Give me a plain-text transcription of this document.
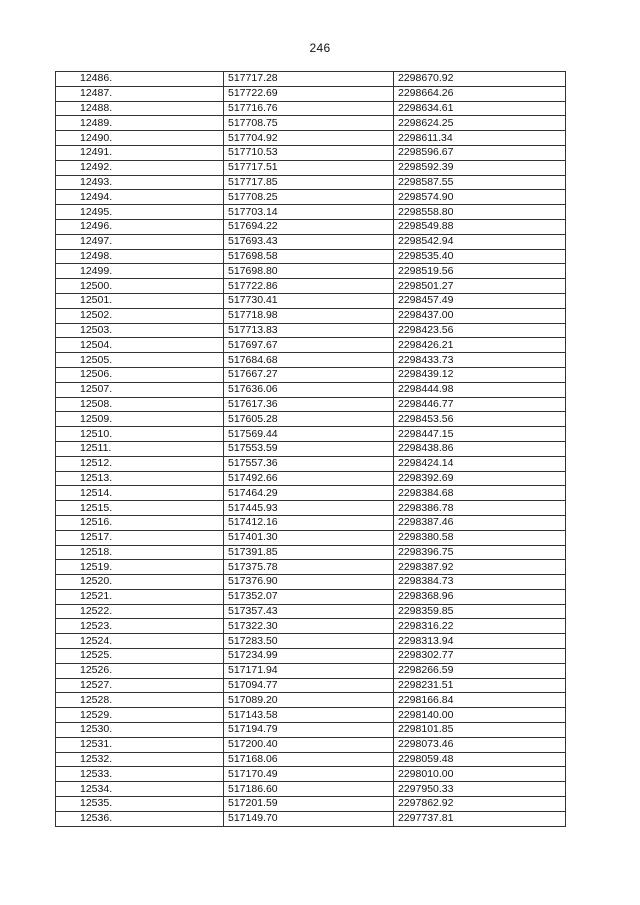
246
12486.	517717.28	2298670.92
12487.	517722.69	2298664.26
12488.	517716.76	2298634.61
12489.	517708.75	2298624.25
12490.	517704.92	2298611.34
12491.	517710.53	2298596.67
12492.	517717.51	2298592.39
12493.	517717.85	2298587.55
12494.	517708.25	2298574.90
12495.	517703.14	2298558.80
12496.	517694.22	2298549.88
12497.	517693.43	2298542.94
12498.	517698.58	2298535.40
12499.	517698.80	2298519.56
12500.	517722.86	2298501.27
12501.	517730.41	2298457.49
12502.	517718.98	2298437.00
12503.	517713.83	2298423.56
12504.	517697.67	2298426.21
12505.	517684.68	2298433.73
12506.	517667.27	2298439.12
12507.	517636.06	2298444.98
12508.	517617.36	2298446.77
12509.	517605.28	2298453.56
12510.	517569.44	2298447.15
12511.	517553.59	2298438.86
12512.	517557.36	2298424.14
12513.	517492.66	2298392.69
12514.	517464.29	2298384.68
12515.	517445.93	2298386.78
12516.	517412.16	2298387.46
12517.	517401.30	2298380.58
12518.	517391.85	2298396.75
12519.	517375.78	2298387.92
12520.	517376.90	2298384.73
12521.	517352.07	2298368.96
12522.	517357.43	2298359.85
12523.	517322.30	2298316.22
12524.	517283.50	2298313.94
12525.	517234.99	2298302.77
12526.	517171.94	2298266.59
12527.	517094.77	2298231.51
12528.	517089.20	2298166.84
12529.	517143.58	2298140.00
12530.	517194.79	2298101.85
12531.	517200.40	2298073.46
12532.	517168.06	2298059.48
12533.	517170.49	2298010.00
12534.	517186.60	2297950.33
12535.	517201.59	2297862.92
12536.	517149.70	2297737.81
